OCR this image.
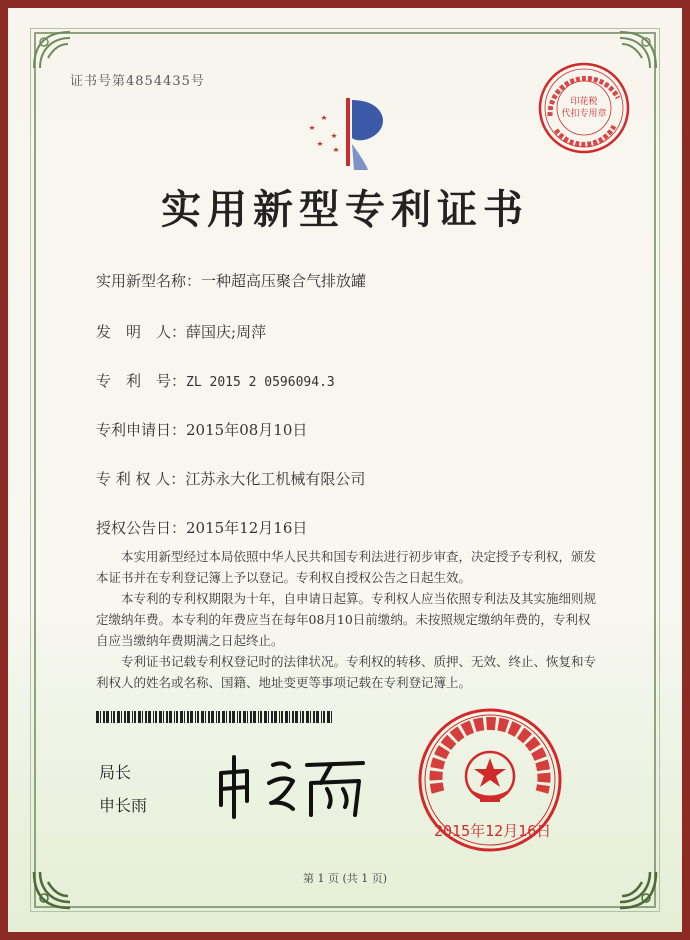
证书号第4854435号
印花税
代扣专用章
实用新型专利证书
实用新型名称：一种超高压聚合气排放罐
发　明　人：薛国庆;周萍
专　利　号：ZL 2015 2 0596094.3
专利申请日：2015年08月10日
专 利 权 人：江苏永大化工机械有限公司
授权公告日：2015年12月16日

本实用新型经过本局依照中华人民共和国专利法进行初步审查，决定授予专利权，颁发本证书并在专利登记簿上予以登记。专利权自授权公告之日起生效。

本专利的专利权期限为十年，自申请日起算。专利权人应当依照专利法及其实施细则规定缴纳年费。本专利的年费应当在每年08月10日前缴纳。未按照规定缴纳年费的，专利权自应当缴纳年费期满之日起终止。

专利证书记载专利权登记时的法律状况。专利权的转移、质押、无效、终止、恢复和专利权人的姓名或名称、国籍、地址变更等事项记载在专利登记簿上。

局长
申长雨
2015年12月16日
第 1 页 (共 1 页)
